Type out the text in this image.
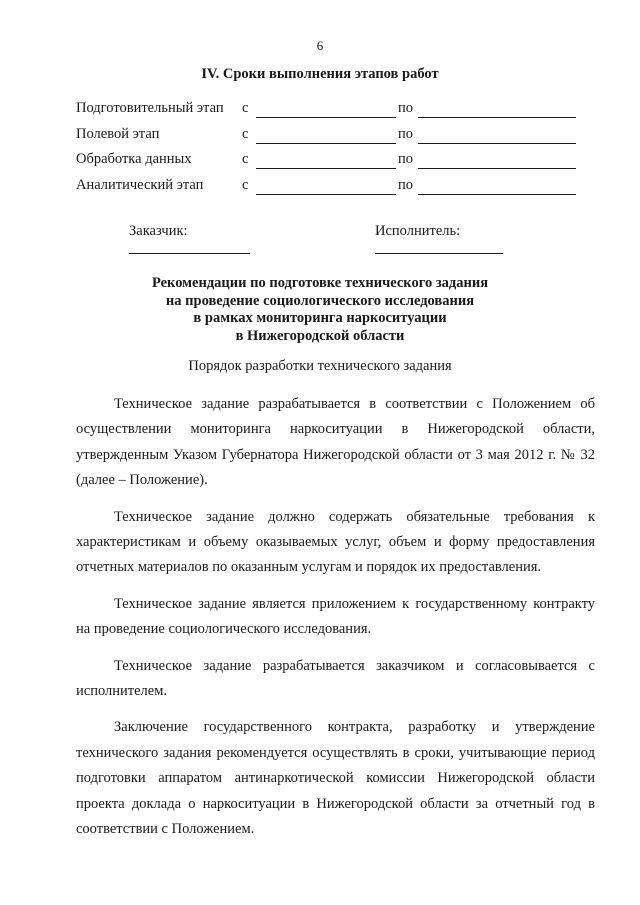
6
IV. Сроки выполнения этапов работ
Подготовительный этап с	по
Полевой этап	с	по
Обработка данных	с	по
Аналитический этап	с	по
Заказчик:	Исполнитель:
Рекомендации по подготовке технического задания
на проведение социологического исследования
в рамках мониторинга наркоситуации
в Нижегородской области
Порядок разработки технического задания

Техническое задание разрабатывается в соответствии с Положением об осуществлении мониторинга наркоситуации в Нижегородской области, утвержденным Указом Губернатора Нижегородской области от 3 мая 2012 г. № 32 (далее – Положение).

Техническое задание должно содержать обязательные требования к характеристикам и объему оказываемых услуг, объем и форму предоставления отчетных материалов по оказанным услугам и порядок их предоставления.

Техническое задание является приложением к государственному контракту на проведение социологического исследования.

Техническое задание разрабатывается заказчиком и согласовывается с исполнителем.

Заключение государственного контракта, разработку и утверждение технического задания рекомендуется осуществлять в сроки, учитывающие период подготовки аппаратом антинаркотической комиссии Нижегородской области проекта доклада о наркоситуации в Нижегородской области за отчетный год в соответствии с Положением.
